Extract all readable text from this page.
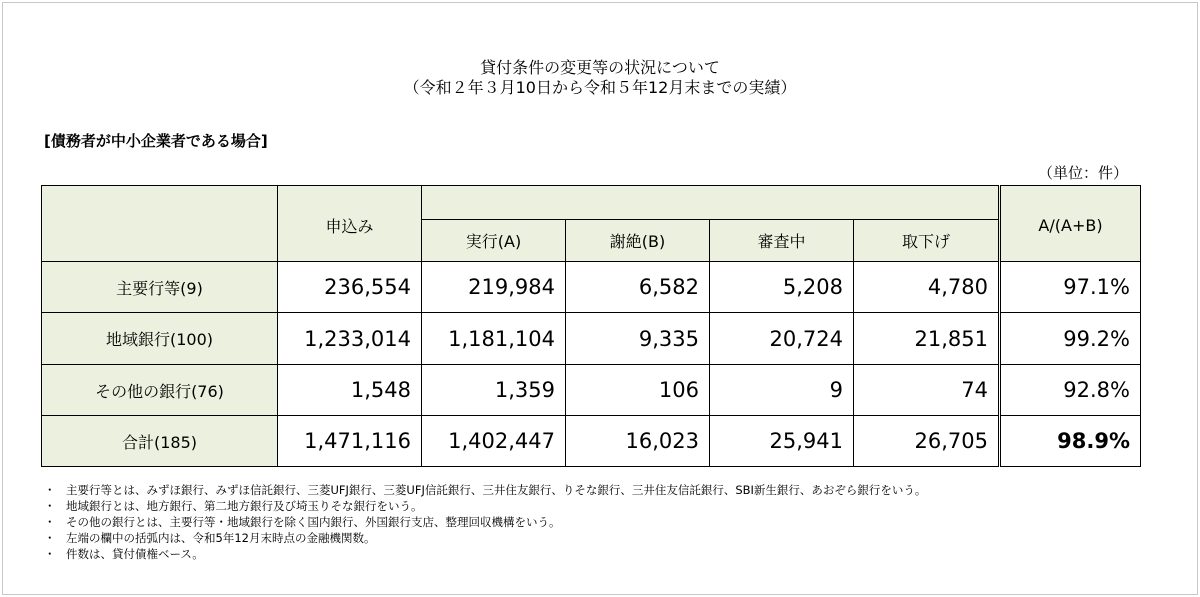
貸付条件の変更等の状況について
（令和２年３月10日から令和５年12月末までの実績）
[債務者が中小企業者である場合]
（単位：件）
	申込み					A/(A+B)
		実行(A)	謝絶(B)	審査中	取下げ	
主要行等(9)	236,554	219,984	6,582	5,208	4,780	97.1%
地域銀行(100)	1,233,014	1,181,104	9,335	20,724	21,851	99.2%
その他の銀行(76)	1,548	1,359	106	9	74	92.8%
合計(185)	1,471,116	1,402,447	16,023	25,941	26,705	98.9%
・ 主要行等とは、みずほ銀行、みずほ信託銀行、三菱UFJ銀行、三菱UFJ信託銀行、三井住友銀行、りそな銀行、三井住友信託銀行、SBI新生銀行、あおぞら銀行をいう。
・ 地域銀行とは、地方銀行、第二地方銀行及び埼玉りそな銀行をいう。
・ その他の銀行とは、主要行等・地域銀行を除く国内銀行、外国銀行支店、整理回収機構をいう。
・ 左端の欄中の括弧内は、令和5年12月末時点の金融機関数。
・ 件数は、貸付債権ベース。
